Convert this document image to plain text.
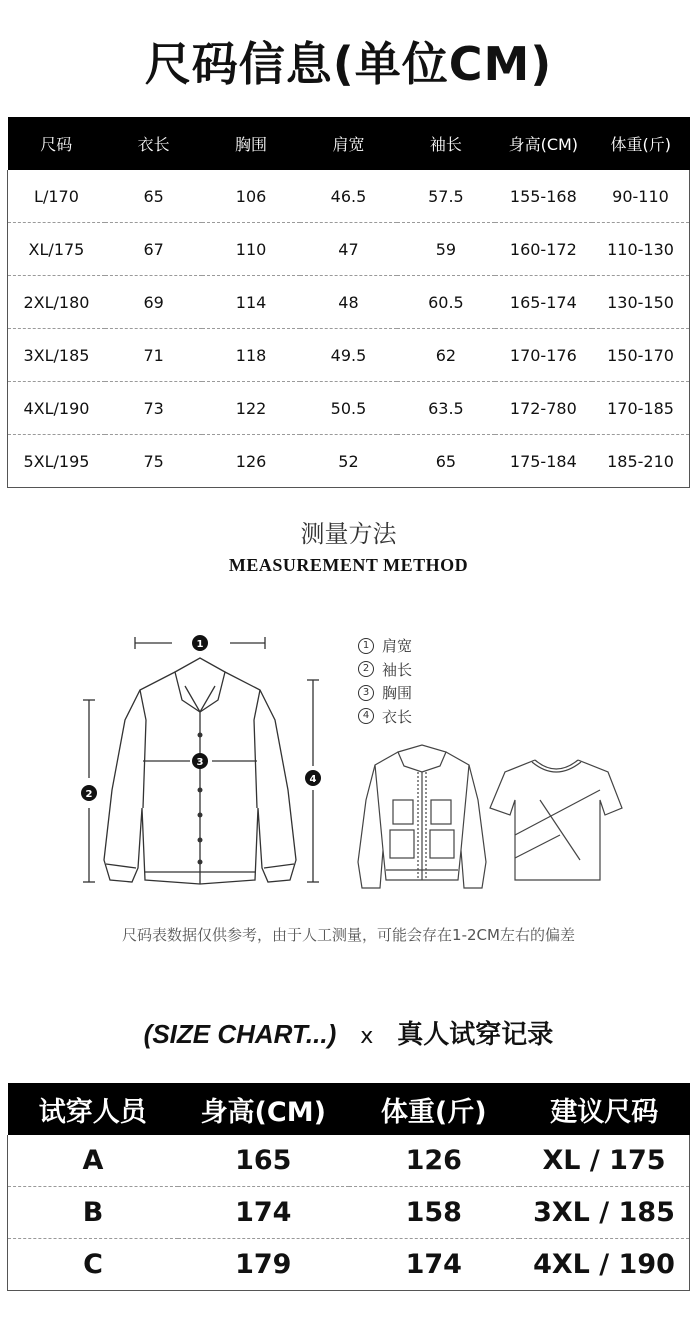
尺码信息(单位CM)
尺码	衣长	胸围	肩宽	袖长	身高(CM)	体重(斤)
L/170	65	106	46.5	57.5	155-168	90-110
XL/175	67	110	47	59	160-172	110-130
2XL/180	69	114	48	60.5	165-174	130-150
3XL/185	71	118	49.5	62	170-176	150-170
4XL/190	73	122	50.5	63.5	172-780	170-185
5XL/195	75	126	52	65	175-184	185-210
测量方法
MEASUREMENT METHOD
1
3
2
4
1 肩宽
2 袖长
3 胸围
4 衣长
尺码表数据仅供参考，由于人工测量，可能会存在1-2CM左右的偏差
(SIZE CHART...) x 真人试穿记录
试穿人员	身高(CM)	体重(斤)	建议尺码
A	165	126	XL / 175
B	174	158	3XL / 185
C	179	174	4XL / 190
